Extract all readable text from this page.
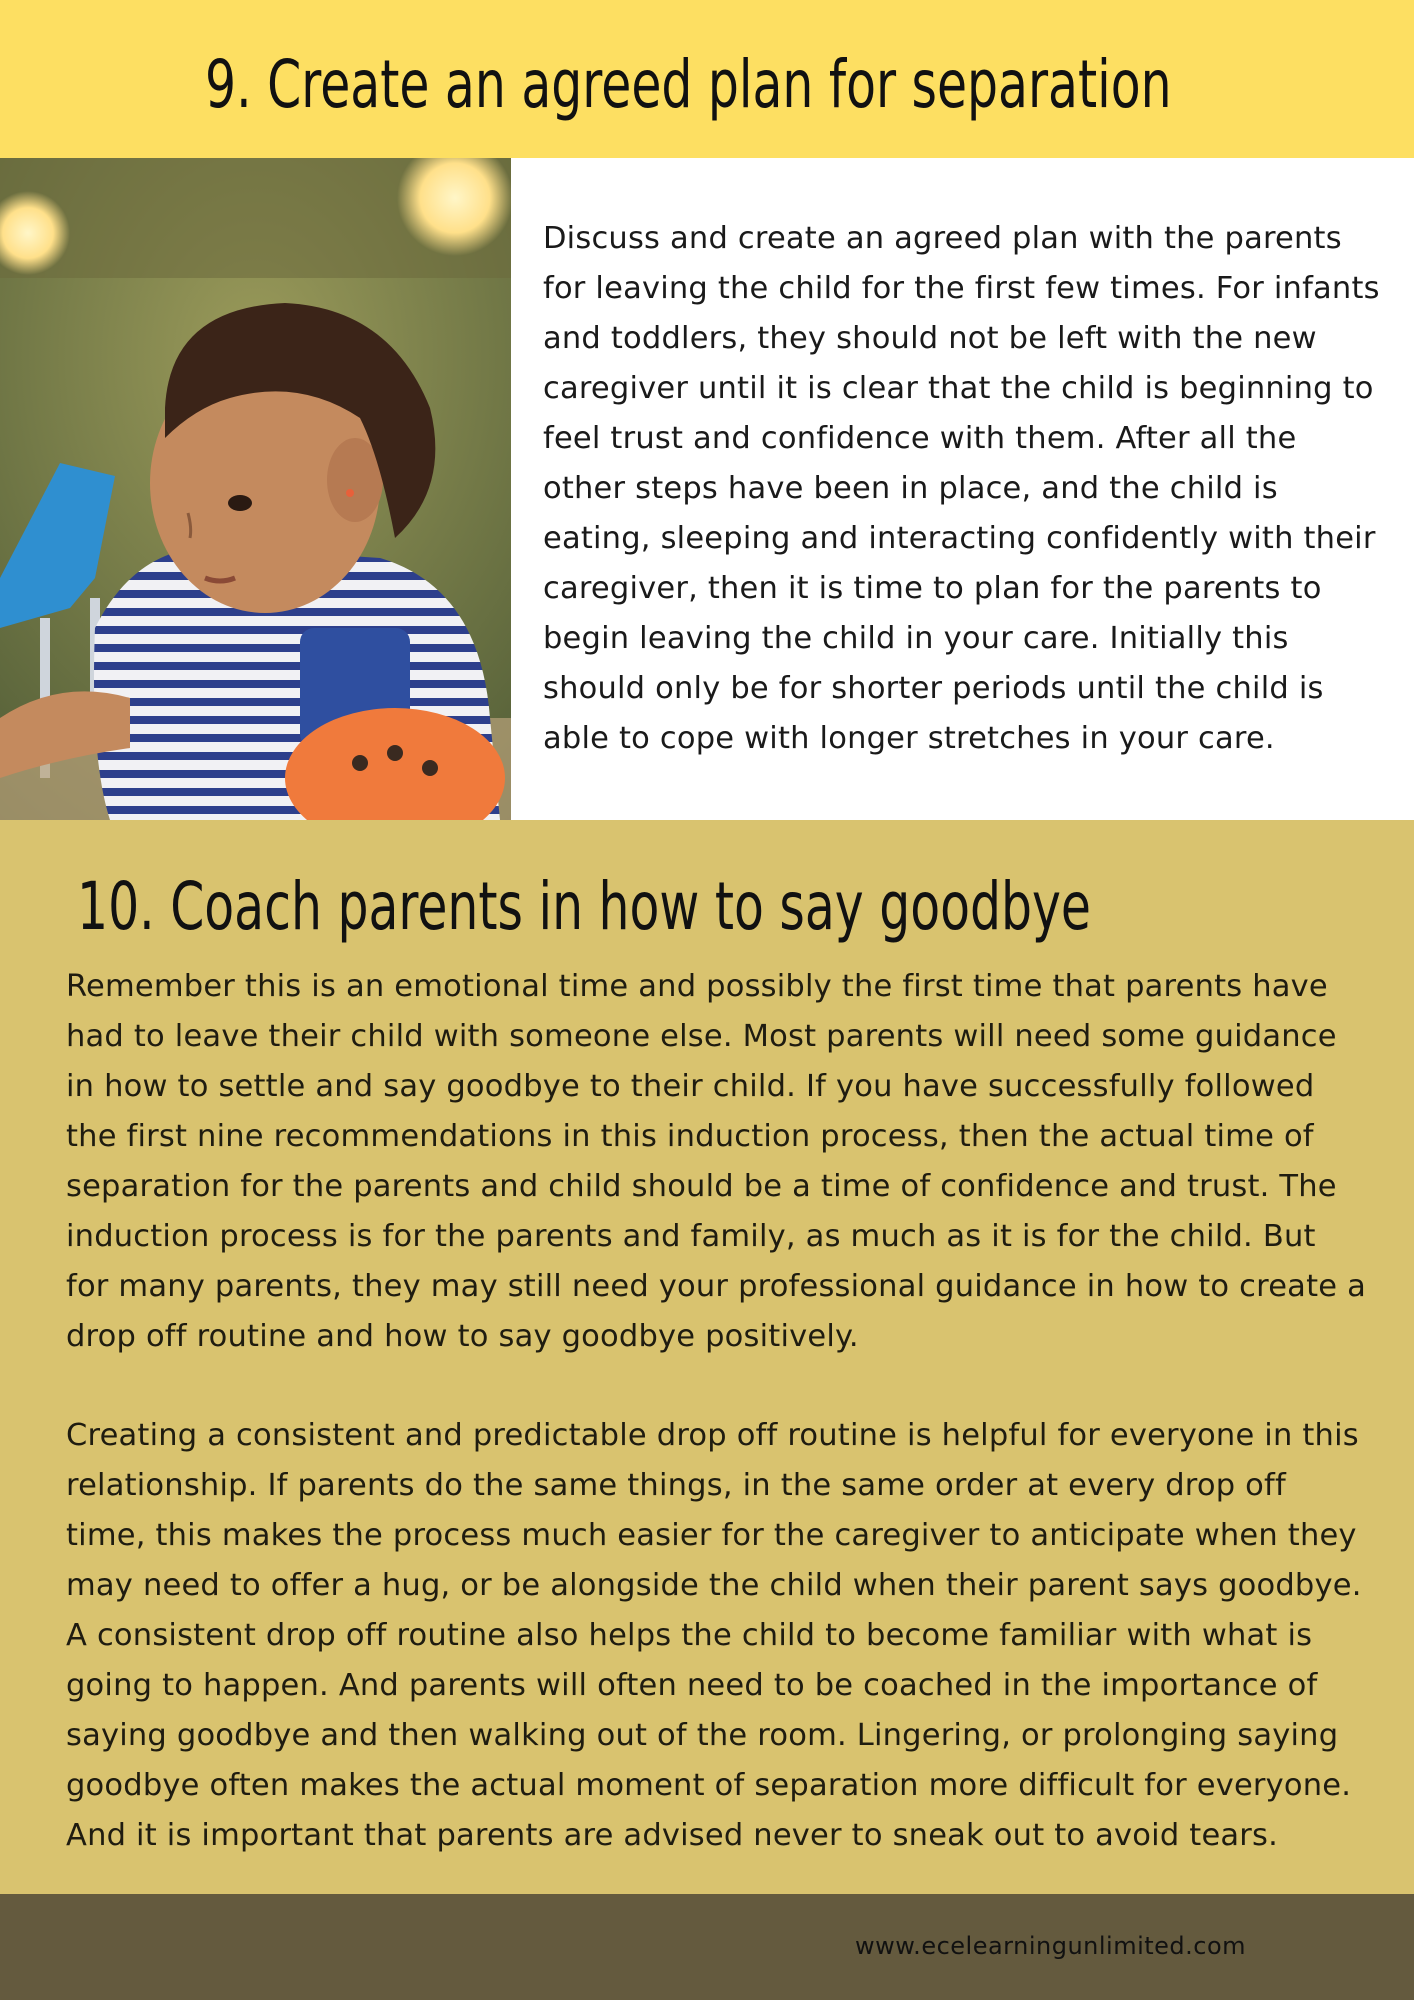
9. Create an agreed plan for separation

Discuss and create an agreed plan with the parents for leaving the child for the first few times. For infants and toddlers, they should not be left with the new caregiver until it is clear that the child is beginning to feel trust and confidence with them. After all the other steps have been in place, and the child is eating, sleeping and interacting confidently with their caregiver, then it is time to plan for the parents to begin leaving the child in your care. Initially this should only be for shorter periods until the child is able to cope with longer stretches in your care.

10. Coach parents in how to say goodbye

Remember this is an emotional time and possibly the first time that parents have had to leave their child with someone else. Most parents will need some guidance in how to settle and say goodbye to their child. If you have successfully followed the first nine recommendations in this induction process, then the actual time of separation for the parents and child should be a time of confidence and trust. The induction process is for the parents and family, as much as it is for the child. But for many parents, they may still need your professional guidance in how to create a drop off routine and how to say goodbye positively.

Creating a consistent and predictable drop off routine is helpful for everyone in this relationship. If parents do the same things, in the same order at every drop off time, this makes the process much easier for the caregiver to anticipate when they may need to offer a hug, or be alongside the child when their parent says goodbye. A consistent drop off routine also helps the child to become familiar with what is going to happen. And parents will often need to be coached in the importance of saying goodbye and then walking out of the room. Lingering, or prolonging saying goodbye often makes the actual moment of separation more difficult for everyone. And it is important that parents are advised never to sneak out to avoid tears.

www.ecelearningunlimited.com
